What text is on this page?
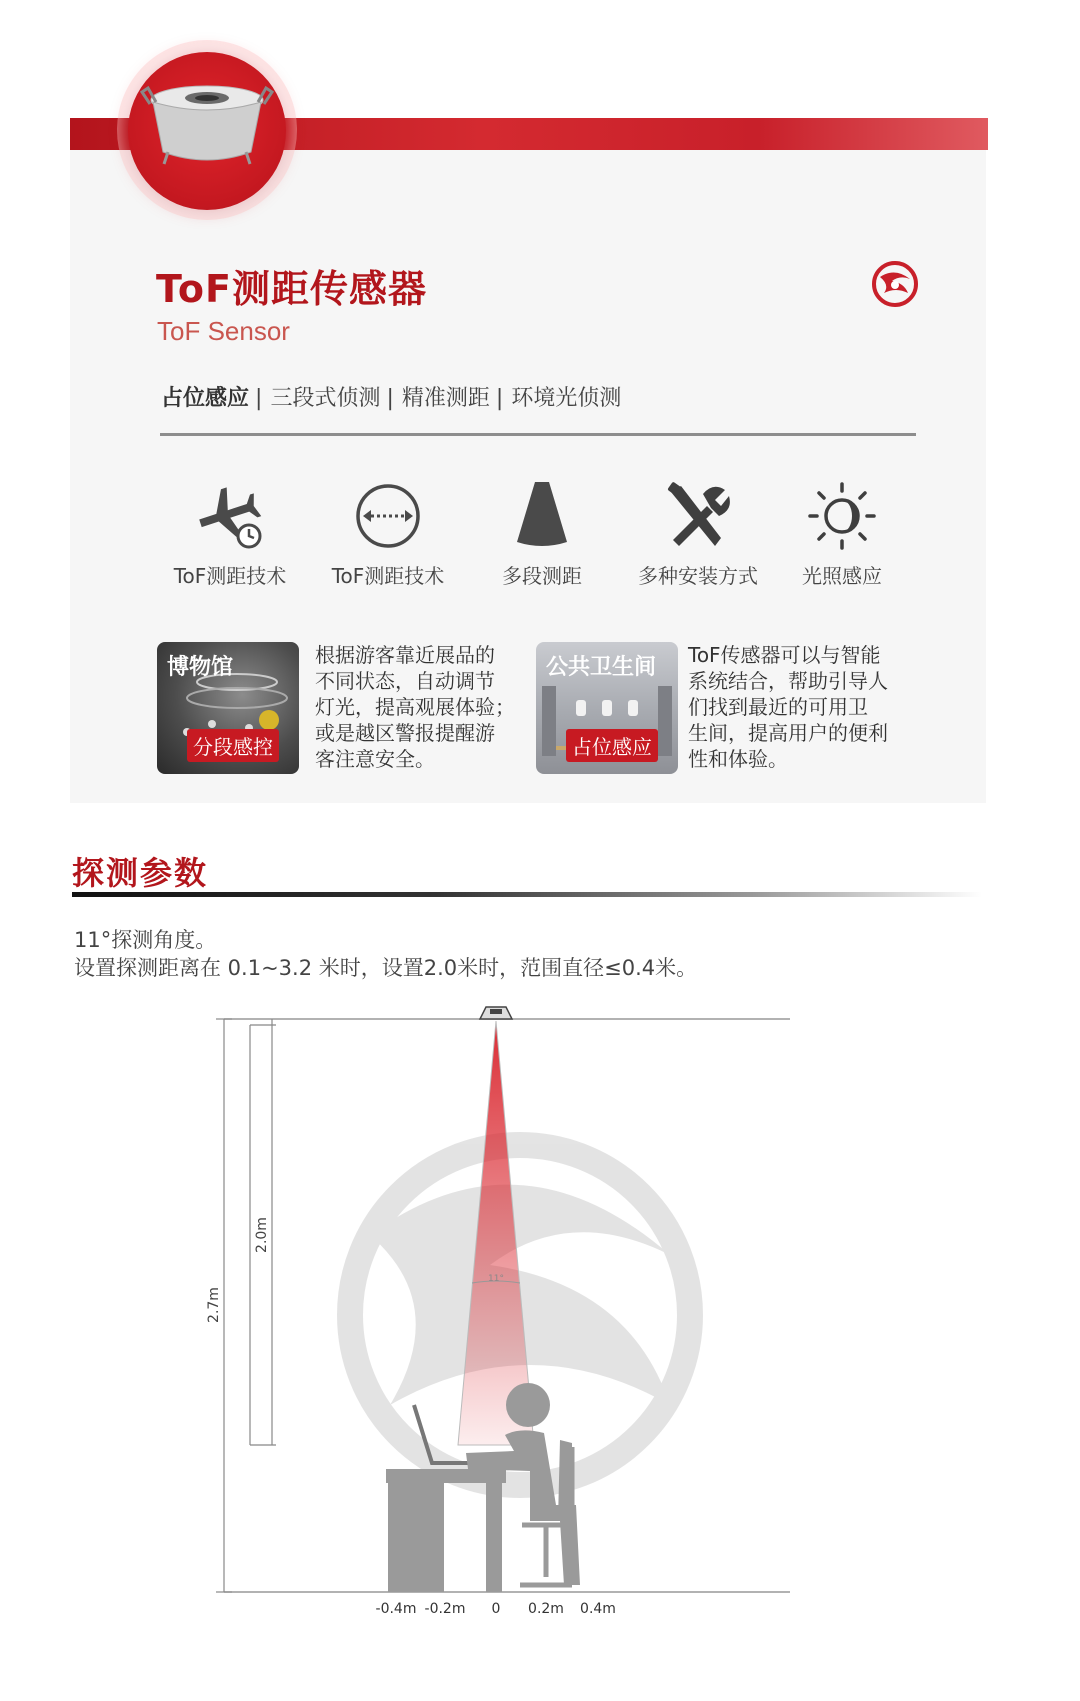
ToF测距传感器
ToF Sensor
占位感应 | 三段式侦测 | 精准测距 | 环境光侦测
ToF测距技术	ToF测距技术	多段测距	多种安装方式	光照感应
博物馆
分段感控
根据游客靠近展品的
不同状态，自动调节
灯光，提高观展体验；
或是越区警报提醒游
客注意安全。
公共卫生间
占位感应
ToF传感器可以与智能
系统结合，帮助引导人
们找到最近的可用卫
生间，提高用户的便利
性和体验。
探测参数
11°探测角度。
设置探测距离在 0.1~3.2 米时，设置2.0米时，范围直径≤0.4米。
2.7m
2.0m
11°
-0.4m -0.2m 0 0.2m 0.4m
